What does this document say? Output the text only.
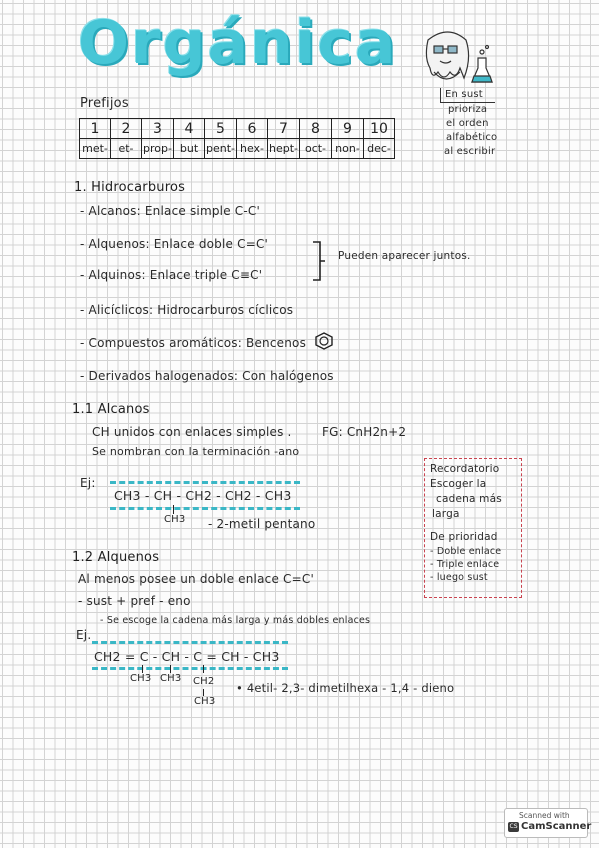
Orgánica
En sust
prioriza
el orden
alfabético
al escribir
Prefijos
1	2	3	4	5	6	7	8	9	10
met-	et-	prop-	but	pent-	hex-	hept-	oct-	non-	dec-
1. Hidrocarburos
- Alcanos: Enlace simple C-C'
- Alquenos: Enlace doble C=C'
- Alquinos: Enlace triple C≡C'
Pueden aparecer juntos.
- Alicíclicos: Hidrocarburos cíclicos
- Compuestos aromáticos: Bencenos
- Derivados halogenados: Con halógenos
1.1 Alcanos
CH unidos con enlaces simples .	FG: CnH2n+2
Se nombran con la terminación -ano
Ej:
CH3 - CH - CH2 - CH2 - CH3
CH3 - 2-metil pentano
Recordatorio
Escoger la
cadena más
larga
De prioridad
- Doble enlace
- Triple enlace
- luego sust
1.2 Alquenos
Al menos posee un doble enlace C=C'
- sust + pref - eno
- Se escoge la cadena más larga y más dobles enlaces
Ej.
CH2 = C - CH - C = CH - CH3
CH3 CH3 CH2
CH3
• 4etil- 2,3- dimetilhexa - 1,4 - dieno
Scanned with
CS CamScanner
